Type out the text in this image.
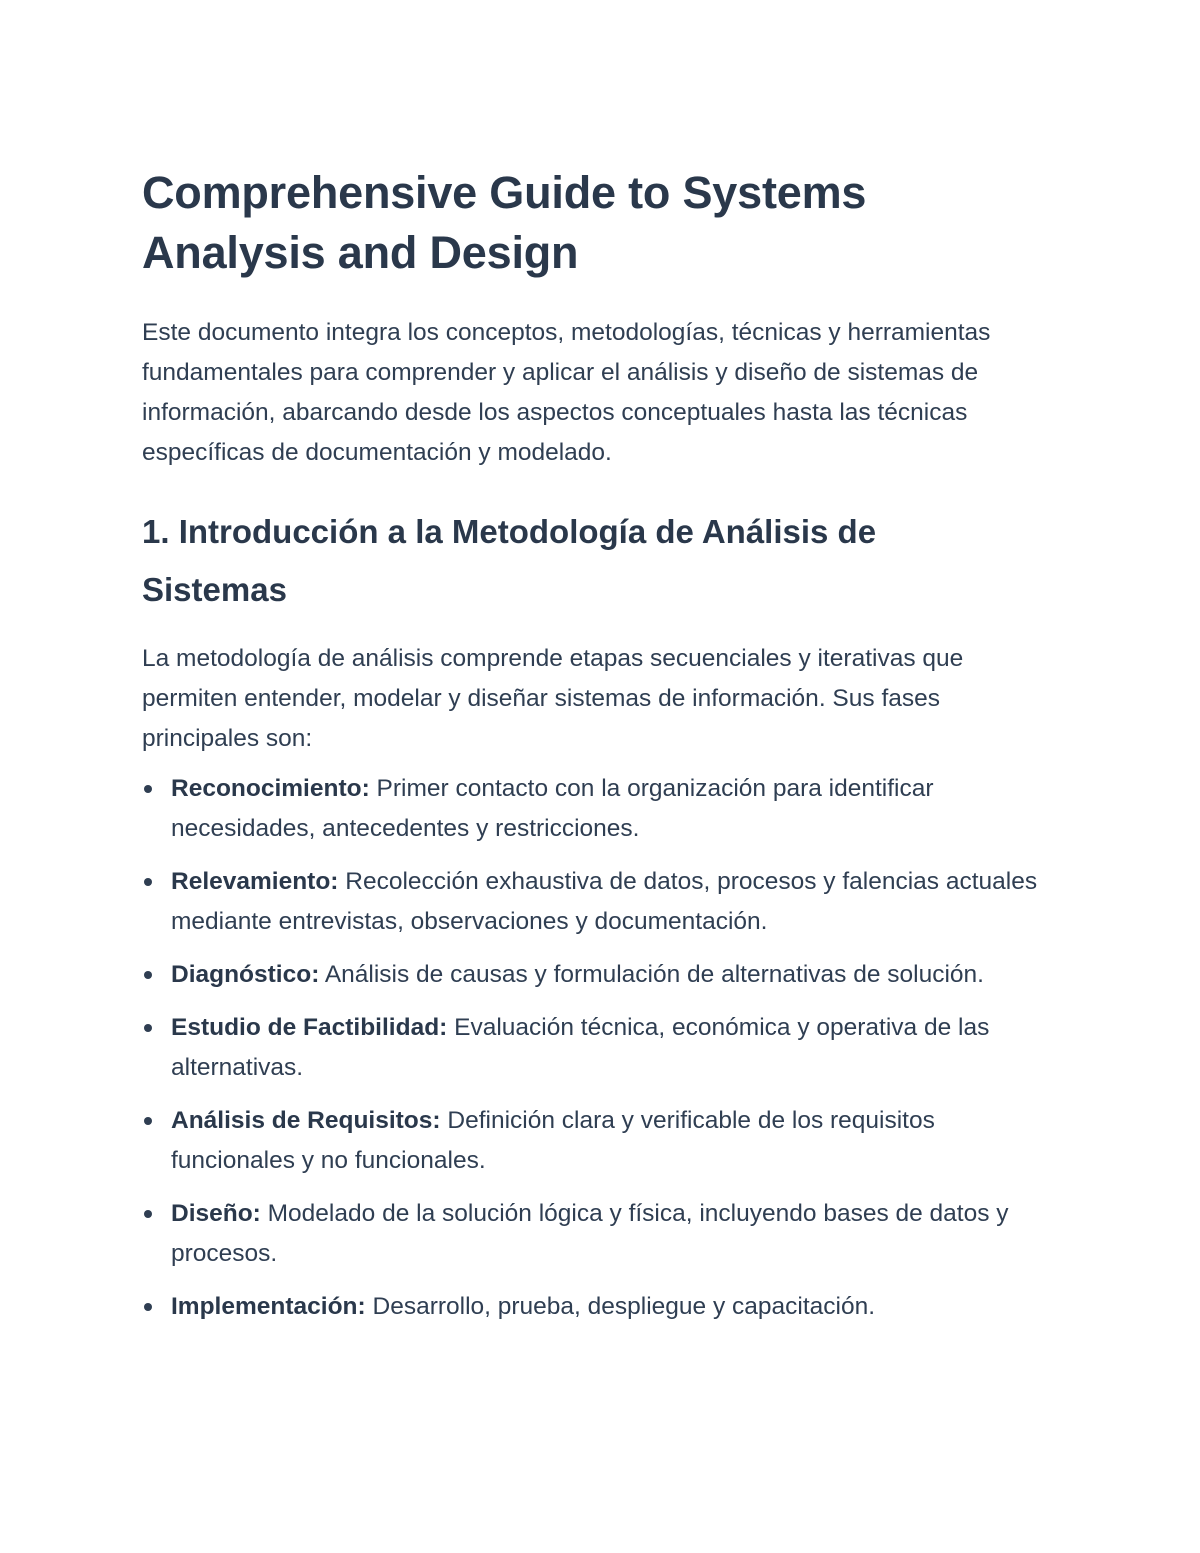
Comprehensive Guide to Systems
Analysis and Design

Este documento integra los conceptos, metodologías, técnicas y herramientas fundamentales para comprender y aplicar el análisis y diseño de sistemas de información, abarcando desde los aspectos conceptuales hasta las técnicas específicas de documentación y modelado.

1. Introducción a la Metodología de Análisis de
Sistemas

La metodología de análisis comprende etapas secuenciales y iterativas que permiten entender, modelar y diseñar sistemas de información. Sus fases principales son:

Reconocimiento: Primer contacto con la organización para identificar necesidades, antecedentes y restricciones.
Relevamiento: Recolección exhaustiva de datos, procesos y falencias actuales mediante entrevistas, observaciones y documentación.
Diagnóstico: Análisis de causas y formulación de alternativas de solución.
Estudio de Factibilidad: Evaluación técnica, económica y operativa de las alternativas.
Análisis de Requisitos: Definición clara y verificable de los requisitos funcionales y no funcionales.
Diseño: Modelado de la solución lógica y física, incluyendo bases de datos y procesos.
Implementación: Desarrollo, prueba, despliegue y capacitación.
